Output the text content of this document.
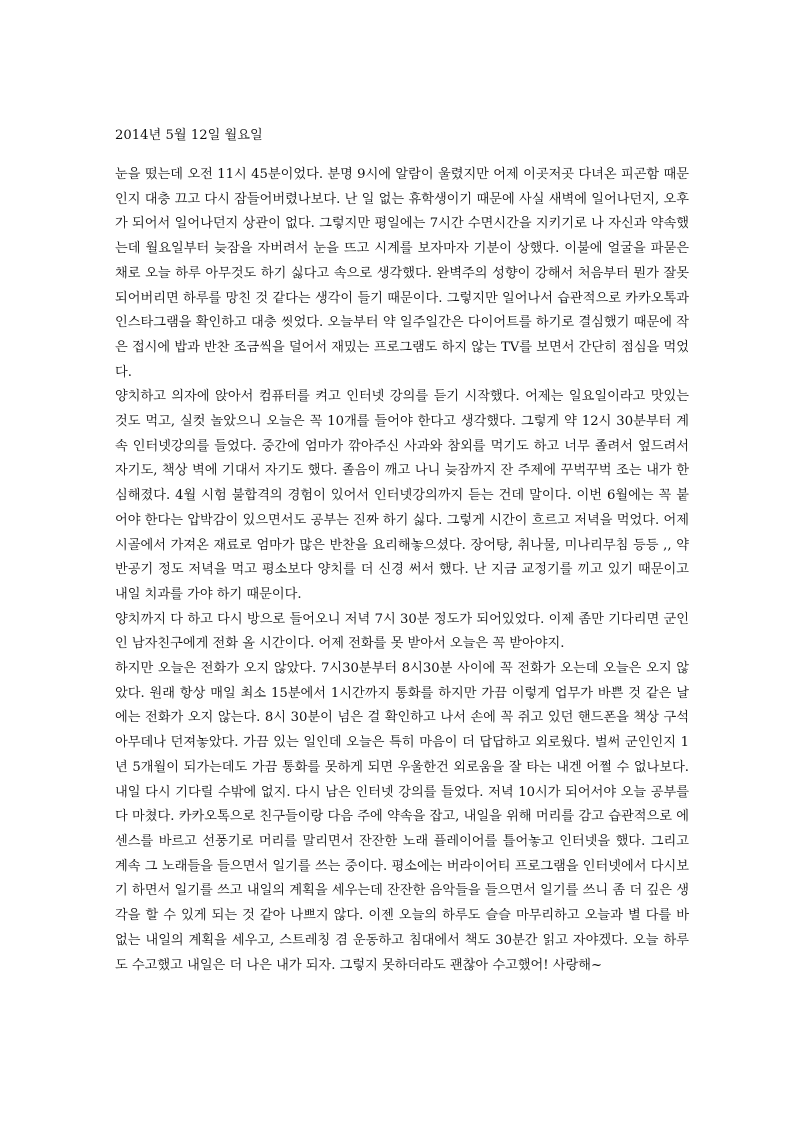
2014년 5월 12일 월요일

눈을 떴는데 오전 11시 45분이었다. 분명 9시에 알람이 울렸지만 어제 이곳저곳 다녀온 피곤함 때문인지 대충 끄고 다시 잠들어버렸나보다. 난 일 없는 휴학생이기 때문에 사실 새벽에 일어나던지, 오후가 되어서 일어나던지 상관이 없다. 그렇지만 평일에는 7시간 수면시간을 지키기로 나 자신과 약속했는데 월요일부터 늦잠을 자버려서 눈을 뜨고 시계를 보자마자 기분이 상했다. 이불에 얼굴을 파묻은 채로 오늘 하루 아무것도 하기 싫다고 속으로 생각했다. 완벽주의 성향이 강해서 처음부터 뭔가 잘못되어버리면 하루를 망친 것 같다는 생각이 들기 때문이다. 그렇지만 일어나서 습관적으로 카카오톡과 인스타그램을 확인하고 대충 씻었다. 오늘부터 약 일주일간은 다이어트를 하기로 결심했기 때문에 작은 접시에 밥과 반찬 조금씩을 덜어서 재밌는 프로그램도 하지 않는 TV를 보면서 간단히 점심을 먹었다.

양치하고 의자에 앉아서 컴퓨터를 켜고 인터넷 강의를 듣기 시작했다. 어제는 일요일이라고 맛있는 것도 먹고, 실컷 놀았으니 오늘은 꼭 10개를 들어야 한다고 생각했다. 그렇게 약 12시 30분부터 계속 인터넷강의를 들었다. 중간에 엄마가 깎아주신 사과와 참외를 먹기도 하고 너무 졸려서 엎드려서 자기도, 책상 벽에 기대서 자기도 했다. 졸음이 깨고 나니 늦잠까지 잔 주제에 꾸벅꾸벅 조는 내가 한심해졌다. 4월 시험 불합격의 경험이 있어서 인터넷강의까지 듣는 건데 말이다. 이번 6월에는 꼭 붙어야 한다는 압박감이 있으면서도 공부는 진짜 하기 싫다. 그렇게 시간이 흐르고 저녁을 먹었다. 어제 시골에서 가져온 재료로 엄마가 많은 반찬을 요리해놓으셨다. 장어탕, 취나물, 미나리무침 등등 ,, 약 반공기 정도 저녁을 먹고 평소보다 양치를 더 신경 써서 했다. 난 지금 교정기를 끼고 있기 때문이고 내일 치과를 가야 하기 때문이다.

양치까지 다 하고 다시 방으로 들어오니 저녁 7시 30분 정도가 되어있었다. 이제 좀만 기다리면 군인인 남자친구에게 전화 올 시간이다. 어제 전화를 못 받아서 오늘은 꼭 받아야지.

하지만 오늘은 전화가 오지 않았다. 7시30분부터 8시30분 사이에 꼭 전화가 오는데 오늘은 오지 않았다. 원래 항상 매일 최소 15분에서 1시간까지 통화를 하지만 가끔 이렇게 업무가 바쁜 것 같은 날에는 전화가 오지 않는다. 8시 30분이 넘은 걸 확인하고 나서 손에 꼭 쥐고 있던 핸드폰을 책상 구석 아무데나 던져놓았다. 가끔 있는 일인데 오늘은 특히 마음이 더 답답하고 외로웠다. 벌써 군인인지 1년 5개월이 되가는데도 가끔 통화를 못하게 되면 우울한건 외로움을 잘 타는 내겐 어쩔 수 없나보다. 내일 다시 기다릴 수밖에 없지. 다시 남은 인터넷 강의를 들었다. 저녁 10시가 되어서야 오늘 공부를 다 마쳤다. 카카오톡으로 친구들이랑 다음 주에 약속을 잡고, 내일을 위해 머리를 감고 습관적으로 에센스를 바르고 선풍기로 머리를 말리면서 잔잔한 노래 플레이어를 틀어놓고 인터넷을 했다. 그리고 계속 그 노래들을 들으면서 일기를 쓰는 중이다. 평소에는 버라이어티 프로그램을 인터넷에서 다시보기 하면서 일기를 쓰고 내일의 계획을 세우는데 잔잔한 음악들을 들으면서 일기를 쓰니 좀 더 깊은 생각을 할 수 있게 되는 것 같아 나쁘지 않다. 이젠 오늘의 하루도 슬슬 마무리하고 오늘과 별 다를 바 없는 내일의 계획을 세우고, 스트레칭 겸 운동하고 침대에서 책도 30분간 읽고 자야겠다. 오늘 하루도 수고했고 내일은 더 나은 내가 되자. 그렇지 못하더라도 괜찮아 수고했어! 사랑해~
